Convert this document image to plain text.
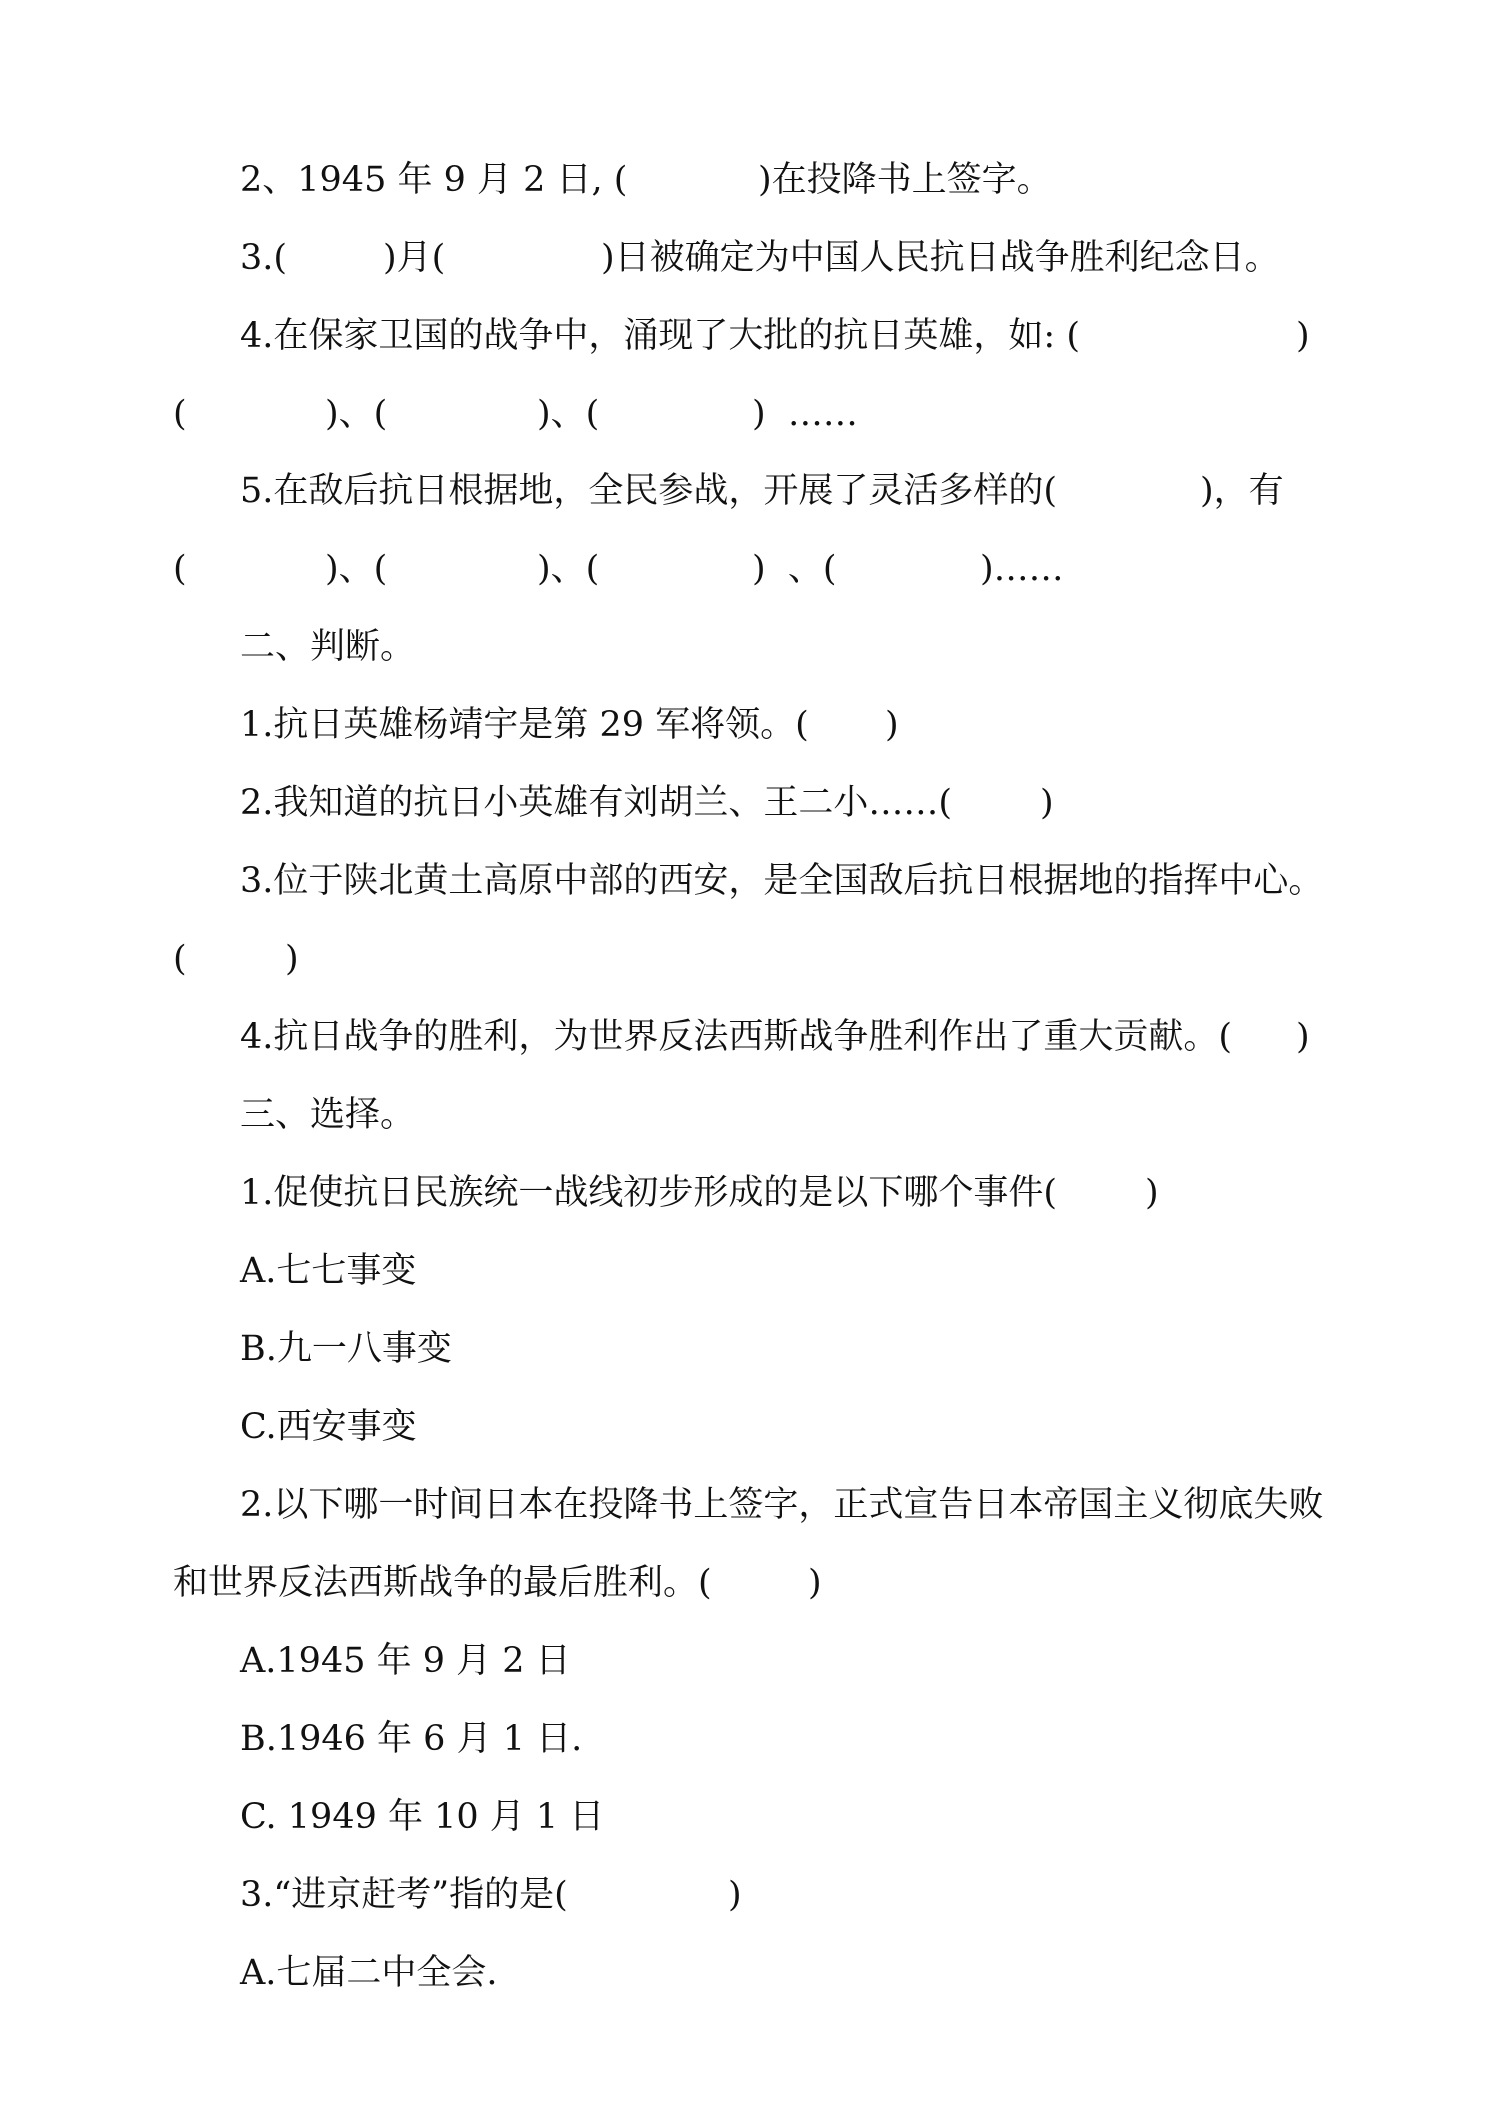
2、1945 年 9 月 2 日, (

	)在投降书上签字。

3.(

	)月(

	)日被确定为中国人民抗日战争胜利纪念日。

4.在保家卫国的战争中，涌现了大批的抗日英雄，如: (

	)

(

	)、(

	)、(

	)  ……

5.在敌后抗日根据地，全民参战，开展了灵活多样的(

	)，有

(

	)、(

	)、(

	)  、(

	)……

二、判断。

1.抗日英雄杨靖宇是第 29 军将领。(

)

2.我知道的抗日小英雄有刘胡兰、王二小……(

	)

3.位于陕北黄土高原中部的西安，是全国敌后抗日根据地的指挥中心。

(

	)

4.抗日战争的胜利，为世界反法西斯战争胜利作出了重大贡献。(

)

三、选择。

1.促使抗日民族统一战线初步形成的是以下哪个事件(

	)

A.七七事变

B.九一八事变

C.西安事变

2.以下哪一时间日本在投降书上签字，正式宣告日本帝国主义彻底失败

和世界反法西斯战争的最后胜利。(

	)

A.1945 年 9 月 2 日

B.1946 年 6 月 1 日.

C. 1949 年 10 月 1 日

3.“进京赶考”指的是(

	)

A.七届二中全会.
